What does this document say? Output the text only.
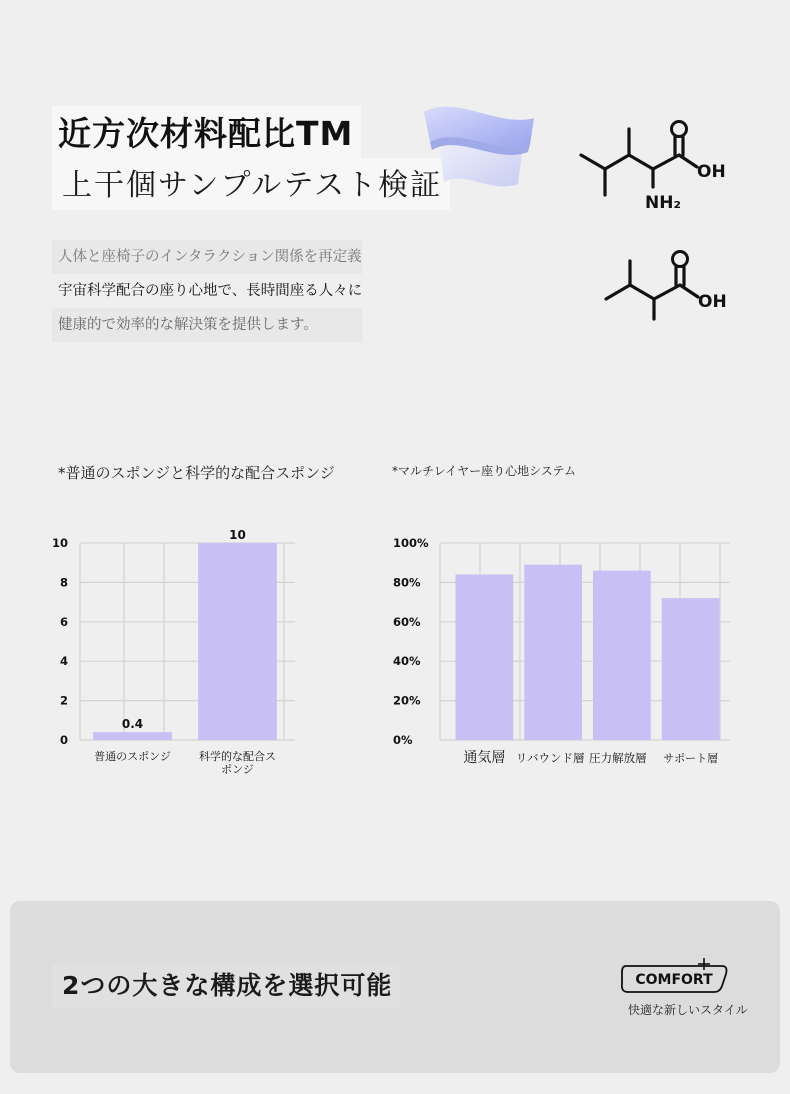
近方次材料配比TM
上干個サンプルテスト検証
人体と座椅子のインタラクション関係を再定義
宇宙科学配合の座り心地で、長時間座る人々に
健康的で効率的な解決策を提供します。
OH
NH₂
OH
*普通のスポンジと科学的な配合スポンジ	*マルチレイヤー座り心地システム
0
2
4
6
8
10
0.4
普通のスポンジ
10
科学的な配合ス
ポンジ
0%
20%
40%
60%
80%
100%
通気層 リバウンド層 圧力解放層 サポート層
2つの大きな構成を選択可能	COMFORT
快適な新しいスタイル
